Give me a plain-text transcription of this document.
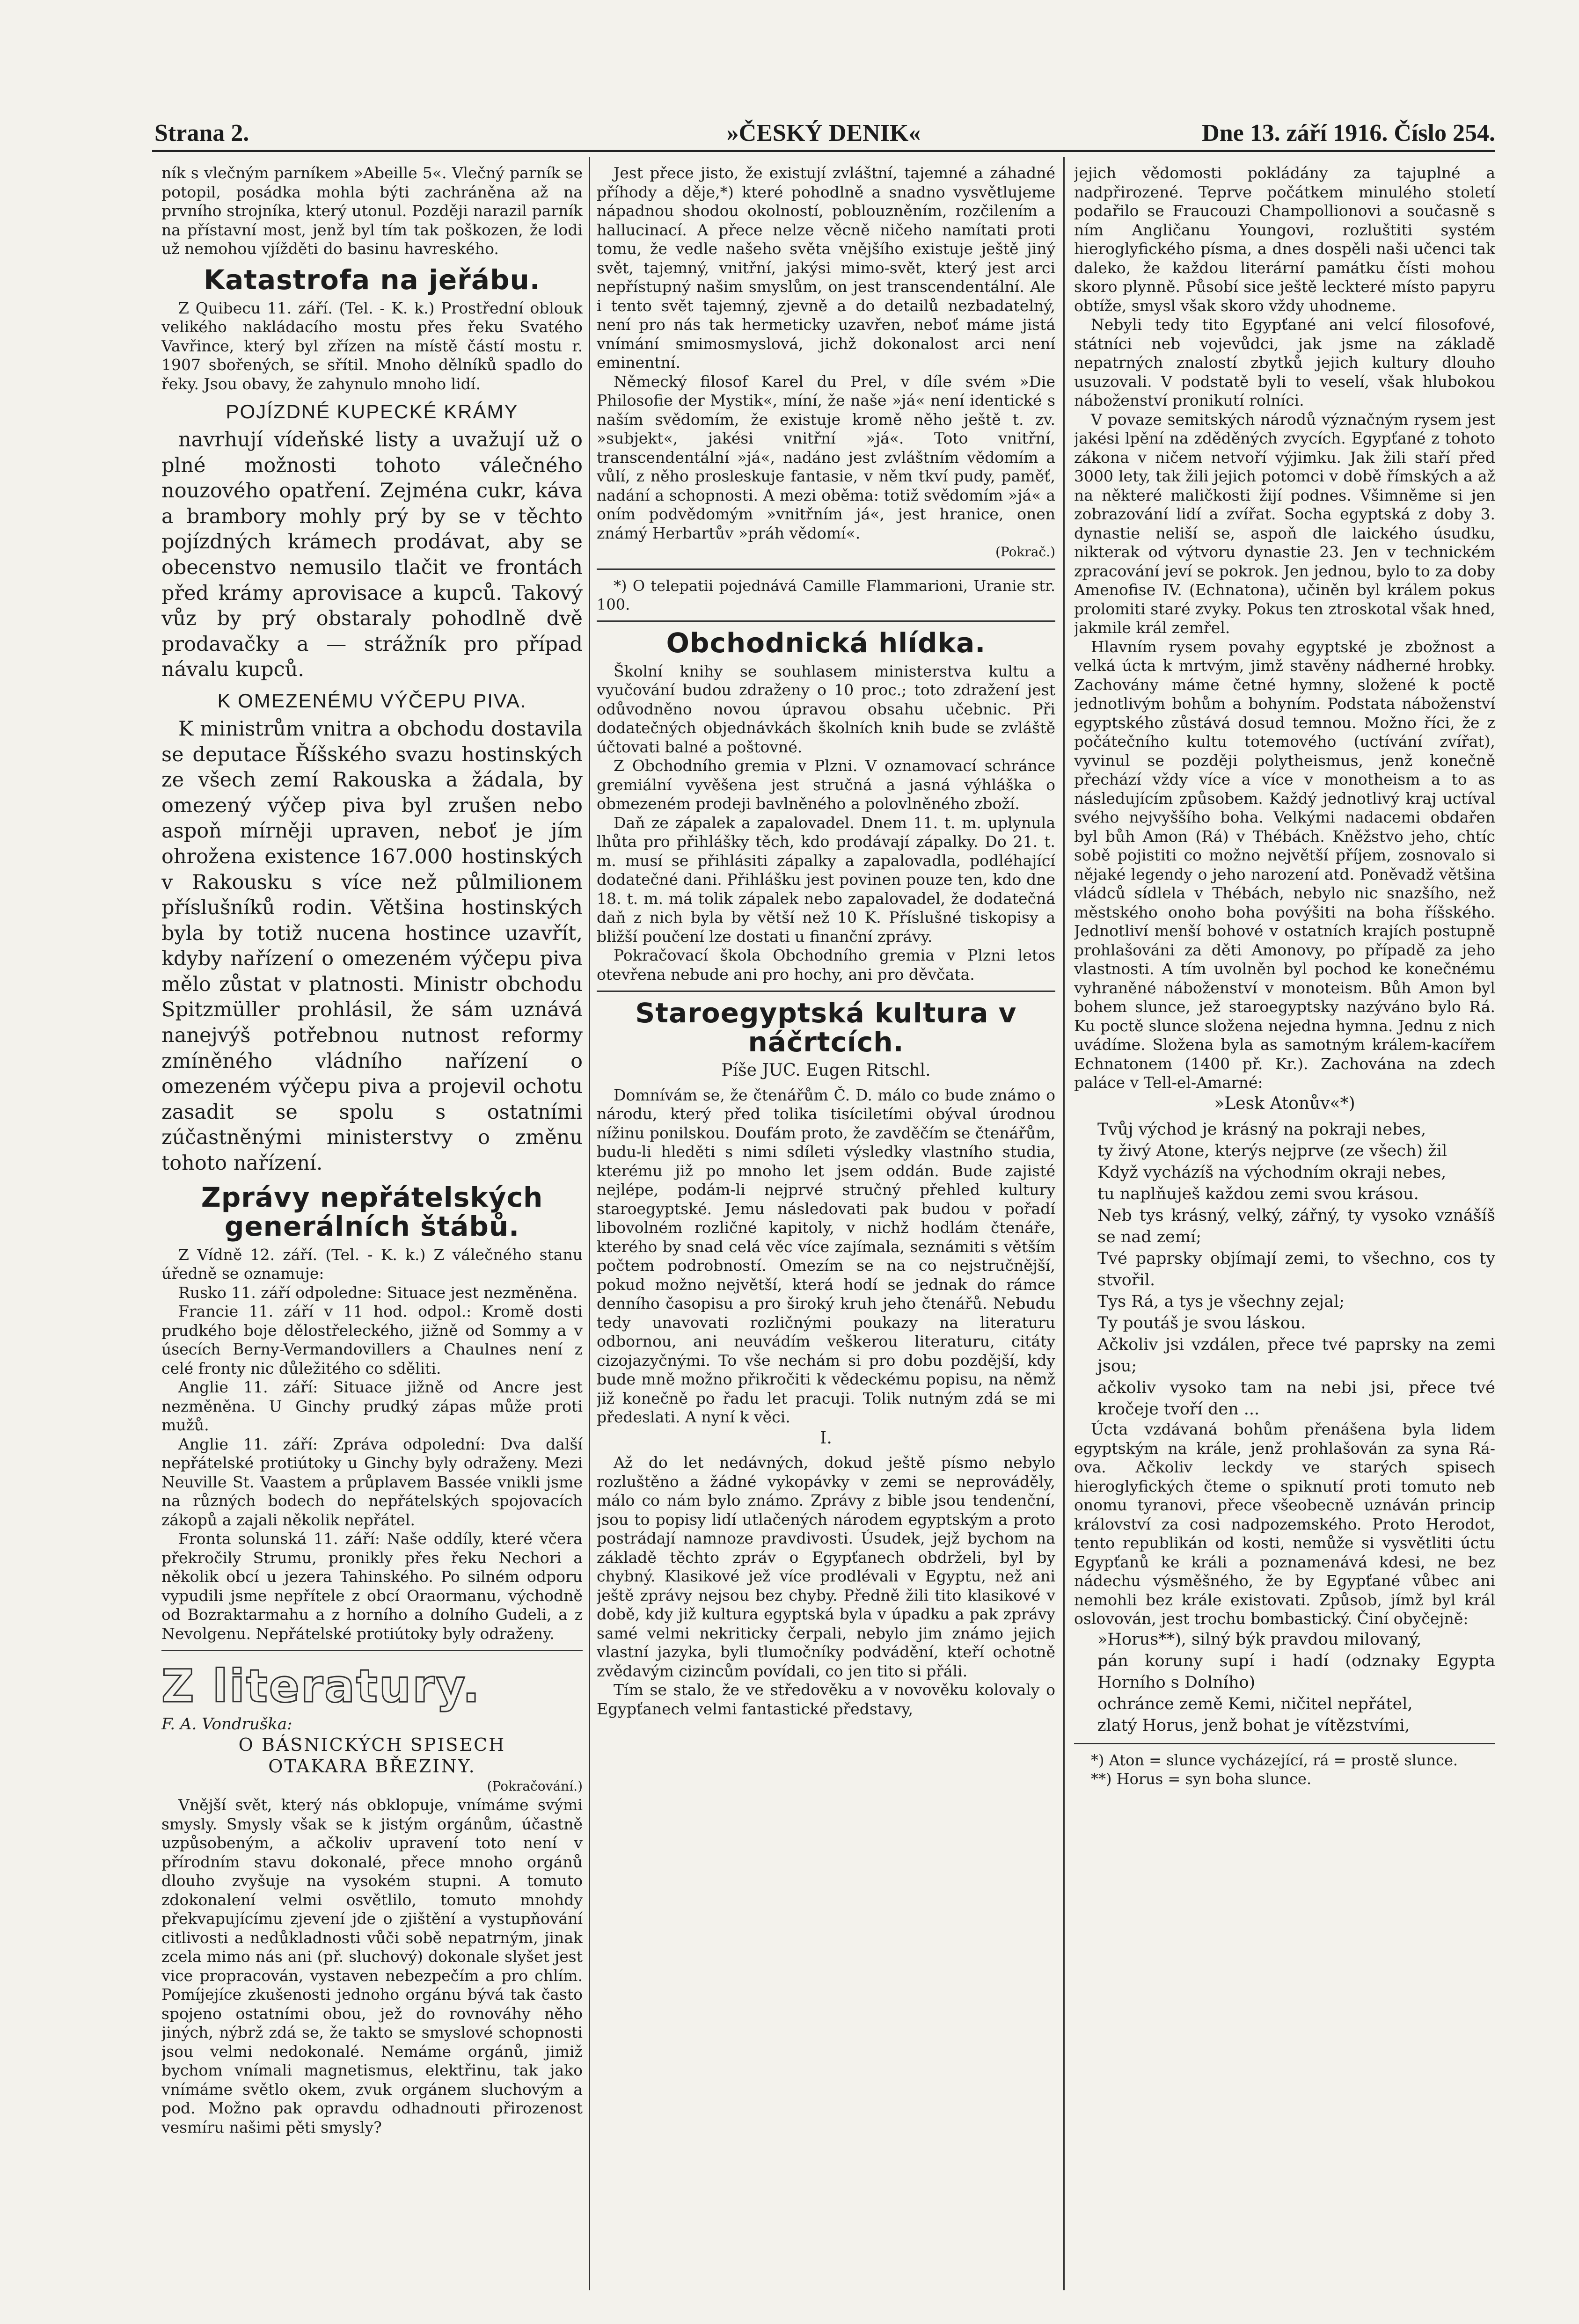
Strana 2.	»ČESKÝ DENIK«	Dne 13. září 1916. Číslo 254.

ník s vlečným parníkem »Abeille 5«. Vlečný parník se potopil, posádka mohla býti zachráněna až na prvního strojníka, který utonul. Později narazil parník na přístavní most, jenž byl tím tak poškozen, že lodi už nemohou vjížděti do basinu havreského.

Katastrofa na jeřábu.

Z Quibecu 11. září. (Tel. - K. k.) Prostřední oblouk velikého nakládacího mostu přes řeku Svatého Vavřince, který byl zřízen na místě částí mostu r. 1907 sbořených, se sřítil. Mnoho dělníků spadlo do řeky. Jsou obavy, že zahynulo mnoho lidí.

POJÍZDNÉ KUPECKÉ KRÁMY

navrhují vídeňské listy a uvažují už o plné možnosti tohoto válečného nouzového opatření. Zejména cukr, káva a brambory mohly prý by se v těchto pojízdných krámech prodávat, aby se obecenstvo nemusilo tlačit ve frontách před krámy aprovisace a kupců. Takový vůz by prý obstaraly pohodlně dvě prodavačky a — strážník pro případ návalu kupců.

K OMEZENÉMU VÝČEPU PIVA.

K ministrům vnitra a obchodu dostavila se deputace Říšského svazu hostinských ze všech zemí Rakouska a žádala, by omezený výčep piva byl zrušen nebo aspoň mírněji upraven, neboť je jím ohrožena existence 167.000 hostinských v Rakousku s více než půlmilionem příslušníků rodin. Většina hostinských byla by totiž nucena hostince uzavřít, kdyby nařízení o omezeném výčepu piva mělo zůstat v platnosti. Ministr obchodu Spitzmüller prohlásil, že sám uznává nanejvýš potřebnou nutnost reformy zmíněného vládního nařízení o omezeném výčepu piva a projevil ochotu zasadit se spolu s ostatními zúčastněnými ministerstvy o změnu tohoto nařízení.

Zprávy nepřátelských generálních štábů.

Z Vídně 12. září. (Tel. - K. k.) Z válečného stanu úředně se oznamuje:

Rusko 11. září odpoledne: Situace jest nezměněna.

Francie 11. září v 11 hod. odpol.: Kromě dosti prudkého boje dělostřeleckého, jižně od Sommy a v úsecích Berny-Vermandovillers a Chaulnes není z celé fronty nic důležitého co sděliti.

Anglie 11. září: Situace jižně od Ancre jest nezměněna. U Ginchy prudký zápas může proti mužů.

Anglie 11. září: Zpráva odpolední: Dva další nepřátelské protiútoky u Ginchy byly odraženy. Mezi Neuville St. Vaastem a průplavem Bassée vnikli jsme na různých bodech do nepřátelských spojovacích zákopů a zajali několik nepřátel.

Fronta solunská 11. září: Naše oddíly, které včera překročily Strumu, pronikly přes řeku Nechori a několik obcí u jezera Tahinského. Po silném odporu vypudili jsme nepřítele z obcí Oraormanu, východně od Bozraktarmahu a z horního a dolního Gudeli, a z Nevolgenu. Nepřátelské protiútoky byly odraženy.

Z literatury.
F. A. Vondruška:
O BÁSNICKÝCH SPISECH
OTAKARA BŘEZINY.
(Pokračování.)

Vnější svět, který nás obklopuje, vnímáme svými smysly. Smysly však se k jistým orgánům, účastně uzpůsobeným, a ačkoliv upravení toto není v přírodním stavu dokonalé, přece mnoho orgánů dlouho zvyšuje na vysokém stupni. A tomuto zdokonalení velmi osvětlilo, tomuto mnohdy překvapujícímu zjevení jde o zjištění a vystupňování citlivosti a nedůkladnosti vůči sobě nepatrným, jinak zcela mimo nás ani (př. sluchový) dokonale slyšet jest vice propracován, vystaven nebezpečím a pro chlím. Pomíjejíce zkušenosti jednoho orgánu bývá tak často spojeno ostatními obou, jež do rovnováhy něho jiných, nýbrž zdá se, že takto se smyslové schopnosti jsou velmi nedokonalé. Nemáme orgánů, jimiž bychom vnímali magnetismus, elektřinu, tak jako vnímáme světlo okem, zvuk orgánem sluchovým a pod. Možno pak opravdu odhadnouti přirozenost vesmíru našimi pěti smysly?

Jest přece jisto, že existují zvláštní, tajemné a záhadné příhody a děje,*) které pohodlně a snadno vysvětlujeme nápadnou shodou okolností, poblouzněním, rozčilením a hallucinací. A přece nelze věcně ničeho namítati proti tomu, že vedle našeho světa vnějšího existuje ještě jiný svět, tajemný, vnitřní, jakýsi mimo-svět, který jest arci nepřístupný našim smyslům, on jest transcendentální. Ale i tento svět tajemný, zjevně a do detailů nezbadatelný, není pro nás tak hermeticky uzavřen, neboť máme jistá vnímání smimosmyslová, jichž dokonalost arci není eminentní.

Německý filosof Karel du Prel, v díle svém »Die Philosofie der Mystik«, míní, že naše »já« není identické s naším svědomím, že existuje kromě něho ještě t. zv. »subjekt«, jakési vnitřní »já«. Toto vnitřní, transcendentální »já«, nadáno jest zvláštním vědomím a vůlí, z něho prosleskuje fantasie, v něm tkví pudy, paměť, nadání a schopnosti. A mezi oběma: totiž svědomím »já« a oním podvědomým »vnitřním já«, jest hranice, onen známý Herbartův »práh vědomí«.

(Pokrač.)

*) O telepatii pojednává Camille Flammarioni, Uranie str. 100.

Obchodnická hlídka.

Školní knihy se souhlasem ministerstva kultu a vyučování budou zdraženy o 10 proc.; toto zdražení jest odůvodněno novou úpravou obsahu učebnic. Při dodatečných objednávkách školních knih bude se zvláště účtovati balné a poštovné.

Z Obchodního gremia v Plzni. V oznamovací schránce gremiální vyvěšena jest stručná a jasná výhláška o obmezeném prodeji bavlněného a polovlněného zboží.

Daň ze zápalek a zapalovadel. Dnem 11. t. m. uplynula lhůta pro přihlášky těch, kdo prodávají zápalky. Do 21. t. m. musí se přihlásiti zápalky a zapalovadla, podléhající dodatečné dani. Přihlášku jest povinen pouze ten, kdo dne 18. t. m. má tolik zápalek nebo zapalovadel, že dodatečná daň z nich byla by větší než 10 K. Příslušné tiskopisy a bližší poučení lze dostati u finanční zprávy.

Pokračovací škola Obchodního gremia v Plzni letos otevřena nebude ani pro hochy, ani pro děvčata.

Staroegyptská kultura v náčrtcích.
Píše JUC. Eugen Ritschl.

Domnívám se, že čtenářům Č. D. málo co bude známo o národu, který před tolika tisíciletími obýval úrodnou nížinu ponilskou. Doufám proto, že zavděčím se čtenářům, budu-li hleděti s nimi sdíleti výsledky vlastního studia, kterému již po mnoho let jsem oddán. Bude zajisté nejlépe, podám-li nejprvé stručný přehled kultury staroegyptské. Jemu následovati pak budou v pořadí libovolném rozličné kapitoly, v nichž hodlám čtenáře, kterého by snad celá věc více zajímala, seznámiti s větším počtem podrobností. Omezím se na co nejstručnější, pokud možno největší, která hodí se jednak do rámce denního časopisu a pro široký kruh jeho čtenářů. Nebudu tedy unavovati rozličnými poukazy na literaturu odbornou, ani neuvádím veškerou literaturu, citáty cizojazyčnými. To vše nechám si pro dobu pozdější, kdy bude mně možno přikročiti k vědeckému popisu, na němž již konečně po řadu let pracuji. Tolik nutným zdá se mi předeslati. A nyní k věci.

I.

Až do let nedávných, dokud ještě písmo nebylo rozluštěno a žádné vykopávky v zemi se neprováděly, málo co nám bylo známo. Zprávy z bible jsou tendenční, jsou to popisy lidí utlačených národem egyptským a proto postrádají namnoze pravdivosti. Úsudek, jejž bychom na základě těchto zpráv o Egypťanech obdrželi, byl by chybný. Klasikové jež více prodlévali v Egyptu, než ani ještě zprávy nejsou bez chyby. Předně žili tito klasikové v době, kdy již kultura egyptská byla v úpadku a pak zprávy samé velmi nekriticky čerpali, nebylo jim známo jejich vlastní jazyka, byli tlumočníky podvádění, kteří ochotně zvědavým cizincům povídali, co jen tito si přáli.

Tím se stalo, že ve středověku a v novověku kolovaly o Egypťanech velmi fantastické představy,

jejich vědomosti pokládány za tajuplné a nadpřirozené. Teprve počátkem minulého století podařilo se Fraucouzi Champollionovi a současně s ním Angličanu Youngovi, rozluštiti systém hieroglyfického písma, a dnes dospěli naši učenci tak daleko, že každou literární památku čísti mohou skoro plynně. Působí sice ještě leckteré místo papyru obtíže, smysl však skoro vždy uhodneme.

Nebyli tedy tito Egypťané ani velcí filosofové, státníci neb vojevůdci, jak jsme na základě nepatrných znalostí zbytků jejich kultury dlouho usuzovali. V podstatě byli to veselí, však hlubokou náboženství pronikutí rolníci.

V povaze semitských národů význačným rysem jest jakési lpění na zděděných zvycích. Egypťané z tohoto zákona v ničem netvoří výjimku. Jak žili staří před 3000 lety, tak žili jejich potomci v době římských a až na některé maličkosti žijí podnes. Všimněme si jen zobrazování lidí a zvířat. Socha egyptská z doby 3. dynastie neliší se, aspoň dle laického úsudku, nikterak od výtvoru dynastie 23. Jen v technickém zpracování jeví se pokrok. Jen jednou, bylo to za doby Amenofise IV. (Echnatona), učiněn byl králem pokus prolomiti staré zvyky. Pokus ten ztroskotal však hned, jakmile král zemřel.

Hlavním rysem povahy egyptské je zbožnost a velká úcta k mrtvým, jimž stavěny nádherné hrobky. Zachovány máme četné hymny, složené k poctě jednotlivým bohům a bohyním. Podstata náboženství egyptského zůstává dosud temnou. Možno říci, že z počátečního kultu totemového (uctívání zvířat), vyvinul se později polytheismus, jenž konečně přechází vždy více a více v monotheism a to as následujícím způsobem. Každý jednotlivý kraj uctíval svého nejvyššího boha. Velkými nadacemi obdařen byl bůh Amon (Rá) v Thébách. Kněžstvo jeho, chtíc sobě pojistiti co možno největší příjem, zosnovalo si nějaké legendy o jeho narození atd. Poněvadž většina vládců sídlela v Thébách, nebylo nic snazšího, než městského onoho boha povýšiti na boha říšského. Jednotliví menší bohové v ostatních krajích postupně prohlašováni za děti Amonovy, po případě za jeho vlastnosti. A tím uvolněn byl pochod ke konečnému vyhraněné náboženství v monoteism. Bůh Amon byl bohem slunce, jež staroegyptsky nazýváno bylo Rá. Ku poctě slunce složena nejedna hymna. Jednu z nich uvádíme. Složena byla as samotným králem-kacířem Echnatonem (1400 př. Kr.). Zachována na zdech paláce v Tell-el-Amarné:

»Lesk Atonův«*)

Tvůj východ je krásný na pokraji nebes,

ty živý Atone, kterýs nejprve (ze všech) žil

Když vycházíš na východním okraji nebes,

tu naplňuješ každou zemi svou krásou.

Neb tys krásný, velký, zářný, ty vysoko vznášíš se nad zemí;

Tvé paprsky objímají zemi, to všechno, cos ty stvořil.

Tys Rá, a tys je všechny zejal;

Ty poutáš je svou láskou.

Ačkoliv jsi vzdálen, přece tvé paprsky na zemi jsou;

ačkoliv vysoko tam na nebi jsi, přece tvé kročeje tvoří den ...

Úcta vzdávaná bohům přenášena byla lidem egyptským na krále, jenž prohlašován za syna Rá-ova. Ačkoliv leckdy ve starých spisech hieroglyfických čteme o spiknutí proti tomuto neb onomu tyranovi, přece všeobecně uznáván princip království za cosi nadpozemského. Proto Herodot, tento republikán od kosti, nemůže si vysvětliti úctu Egypťanů ke králi a poznamenává kdesi, ne bez nádechu výsměšného, že by Egypťané vůbec ani nemohli bez krále existovati. Způsob, jímž byl král oslovován, jest trochu bombastický. Činí obyčejně:

»Horus**), silný býk pravdou milovaný,

pán koruny supí i hadí (odznaky Egypta Horního s Dolního)

ochránce země Kemi, ničitel nepřátel,

zlatý Horus, jenž bohat je vítězstvími,

*) Aton = slunce vycházející, rá = prostě slunce.

**) Horus = syn boha slunce.
